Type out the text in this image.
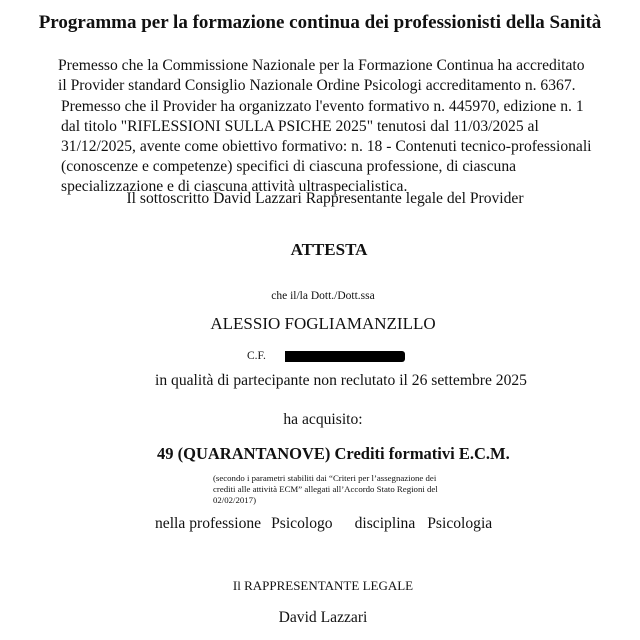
Programma per la formazione continua dei professionisti della Sanità
Premesso che la Commissione Nazionale per la Formazione Continua ha accreditato
il Provider standard Consiglio Nazionale Ordine Psicologi accreditamento n. 6367.
Premesso che il Provider ha organizzato l'evento formativo n. 445970, edizione n. 1
dal titolo "RIFLESSIONI SULLA PSICHE 2025" tenutosi dal 11/03/2025 al
31/12/2025, avente come obiettivo formativo: n. 18 - Contenuti tecnico-professionali
(conoscenze e competenze) specifici di ciascuna professione, di ciascuna
specializzazione e di ciascuna attività ultraspecialistica.
Il sottoscritto David Lazzari Rappresentante legale del Provider
ATTESTA
che il/la Dott./Dott.ssa
ALESSIO FOGLIAMANZILLO
C.F.
in qualità di partecipante non reclutato il 26 settembre 2025
ha acquisito:
49 (QUARANTANOVE) Crediti formativi E.C.M.
(secondo i parametri stabiliti dai “Criteri per l’assegnazione dei crediti alle attività ECM” allegati all’Accordo Stato Regioni del 02/02/2017)
nella professione Psicologo disciplina Psicologia
Il RAPPRESENTANTE LEGALE
David Lazzari
